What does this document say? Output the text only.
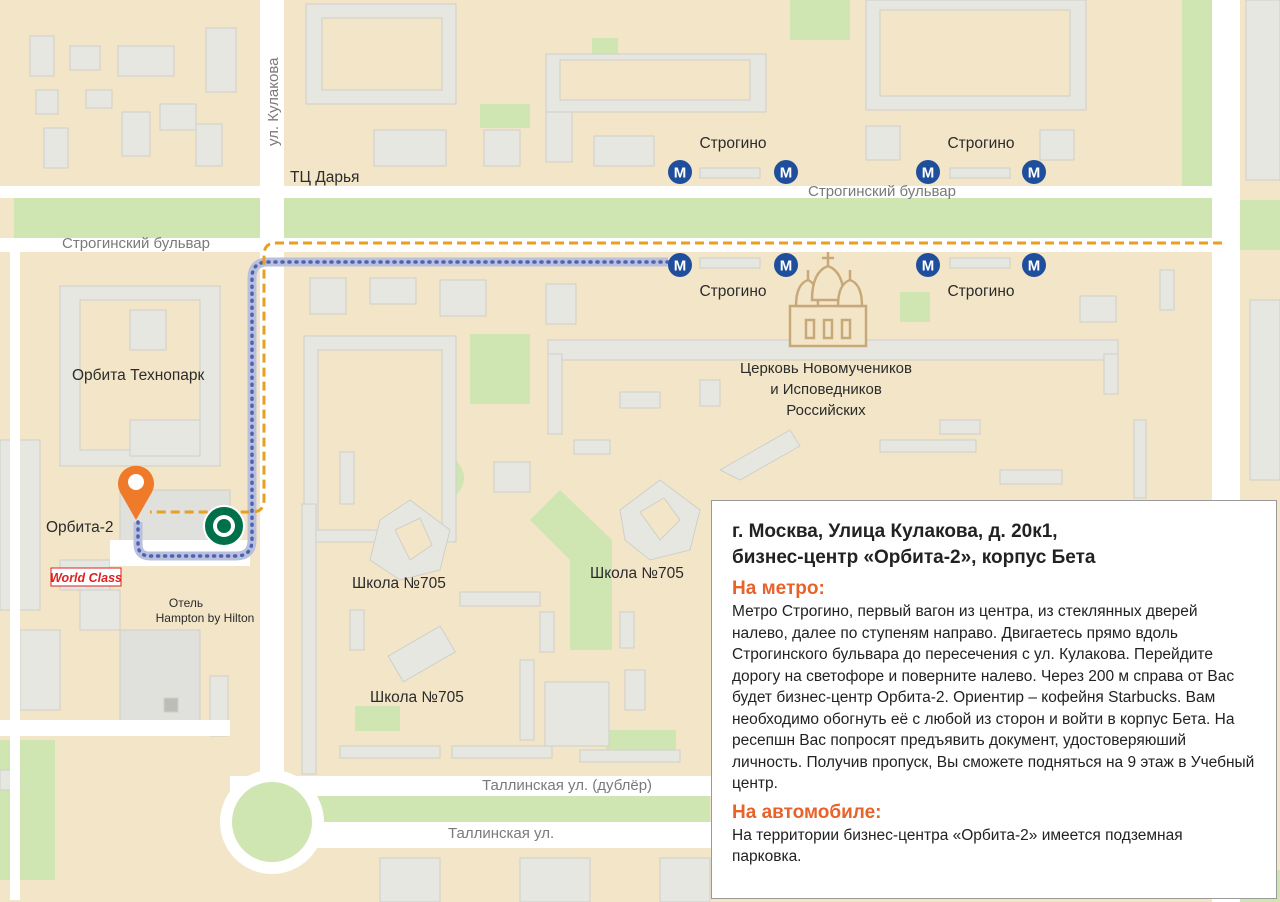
М	М	М	М
М	М	М	М
World Class
ул. Кулакова
Строгинский бульвар
Строгинский бульвар
Таллинская ул. (дублёр)
Таллинская ул.
ТЦ Дарья
Орбита Технопарк
Орбита-2
Отель
Hampton by Hilton
Школа №705
Школа №705
Школа №705
Церковь Новомучеников
и Исповедников
Российских
Строгино	Строгино
Строгино	Строгино

г. Москва, Улица Кулакова, д. 20к1,
бизнес-центр «Орбита-2», корпус Бета

На метро:

Метро Строгино, первый вагон из центра, из стеклянных дверей налево, далее по ступеням направо. Двигаетесь прямо вдоль Строгинского бульвара до пересечения с ул. Кулакова. Перейдите дорогу на светофоре и поверните налево. Через 200 м справа от Вас будет бизнес-центр Орбита-2. Ориентир – кофейня Starbucks. Вам необходимо обогнуть её с любой из сторон и войти в корпус Бета. На ресепшн Вас попросят предъявить документ, удостоверяюший личность. Получив пропуск, Вы сможете подняться на 9 этаж в Учебный центр.

На автомобиле:

На территории бизнес-центра «Орбита-2» имеется подземная парковка.
